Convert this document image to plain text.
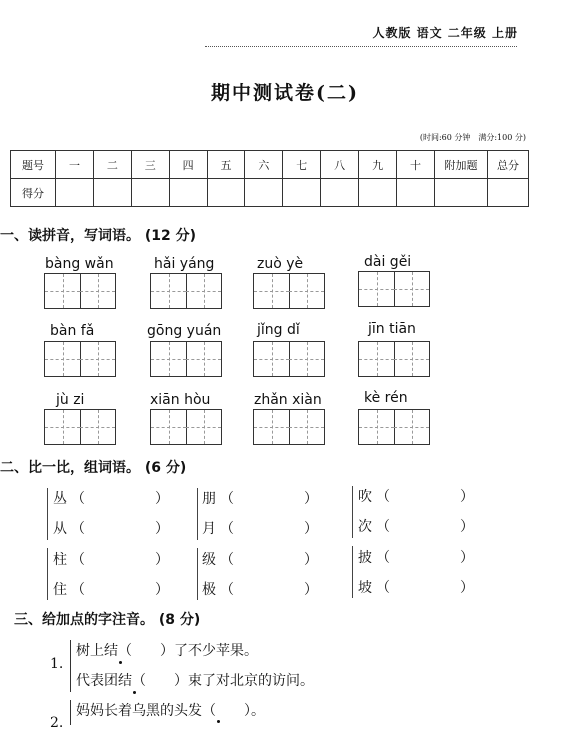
人教版 语文 二年级 上册
期中测试卷(二)
(时间:60 分钟　满分:100 分)
题号	一	二	三	四	五	六	七	八	九	十	附加题	总分
得分												
一、读拼音，写词语。 (12 分)
bàng wǎn	hǎi yáng	zuò yè	dài gěi
bàn fǎ	gōng yuán	jǐng dǐ	jīn tiān
jù zi	xiān hòu	zhǎn xiàn	kè rén
二、比一比，组词语。 (6 分)
丛 （　　　　　） 朋 （　　　　　）	吹 （　　　　　）
从 （　　　　　） 月 （　　　　　）	次 （　　　　　）
柱 （　　　　　） 级 （　　　　　）	披 （　　　　　）
住 （　　　　　） 极 （　　　　　）	坡 （　　　　　）
三、给加点的字注音。 (8 分)
1.
树上结（　　）了不少苹果。
代表团结（　　）束了对北京的访问。
2.
妈妈长着乌黑的头发（　　）。
